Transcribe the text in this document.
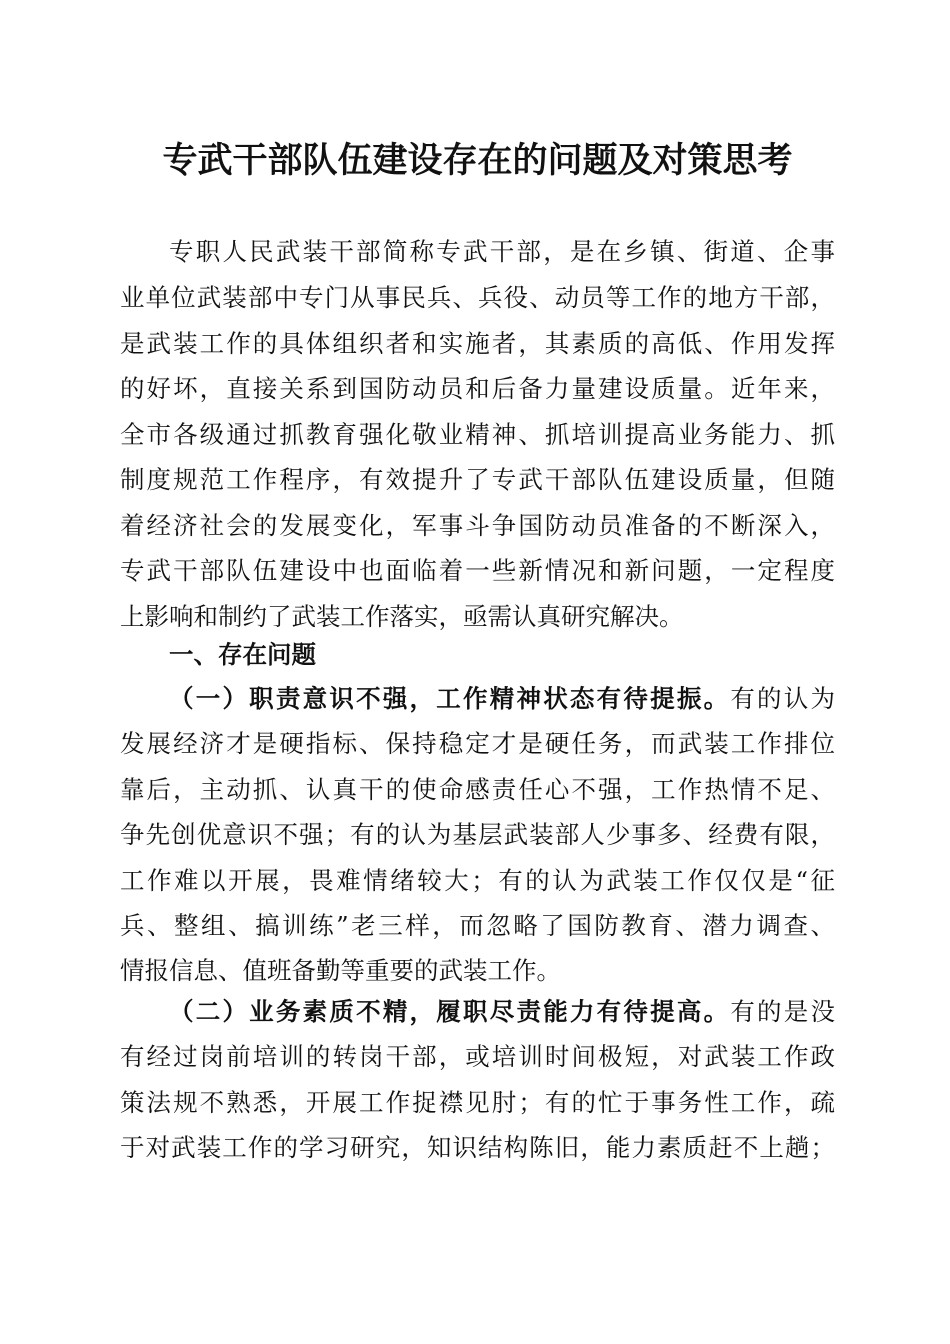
专武干部队伍建设存在的问题及对策思考
专职人民武装干部简称专武干部，是在乡镇、街道、企事
业单位武装部中专门从事民兵、兵役、动员等工作的地方干部，
是武装工作的具体组织者和实施者，其素质的高低、作用发挥
的好坏，直接关系到国防动员和后备力量建设质量。近年来，
全市各级通过抓教育强化敬业精神、抓培训提高业务能力、抓
制度规范工作程序，有效提升了专武干部队伍建设质量，但随
着经济社会的发展变化，军事斗争国防动员准备的不断深入，
专武干部队伍建设中也面临着一些新情况和新问题，一定程度
上影响和制约了武装工作落实，亟需认真研究解决。
一、存在问题
（一）职责意识不强，工作精神状态有待提振。有的认为
发展经济才是硬指标、保持稳定才是硬任务，而武装工作排位
靠后，主动抓、认真干的使命感责任心不强，工作热情不足、
争先创优意识不强；有的认为基层武装部人少事多、经费有限，
工作难以开展，畏难情绪较大；有的认为武装工作仅仅是“征
兵、整组、搞训练”老三样，而忽略了国防教育、潜力调查、
情报信息、值班备勤等重要的武装工作。
（二）业务素质不精，履职尽责能力有待提高。有的是没
有经过岗前培训的转岗干部，或培训时间极短，对武装工作政
策法规不熟悉，开展工作捉襟见肘；有的忙于事务性工作，疏
于对武装工作的学习研究，知识结构陈旧，能力素质赶不上趟；
